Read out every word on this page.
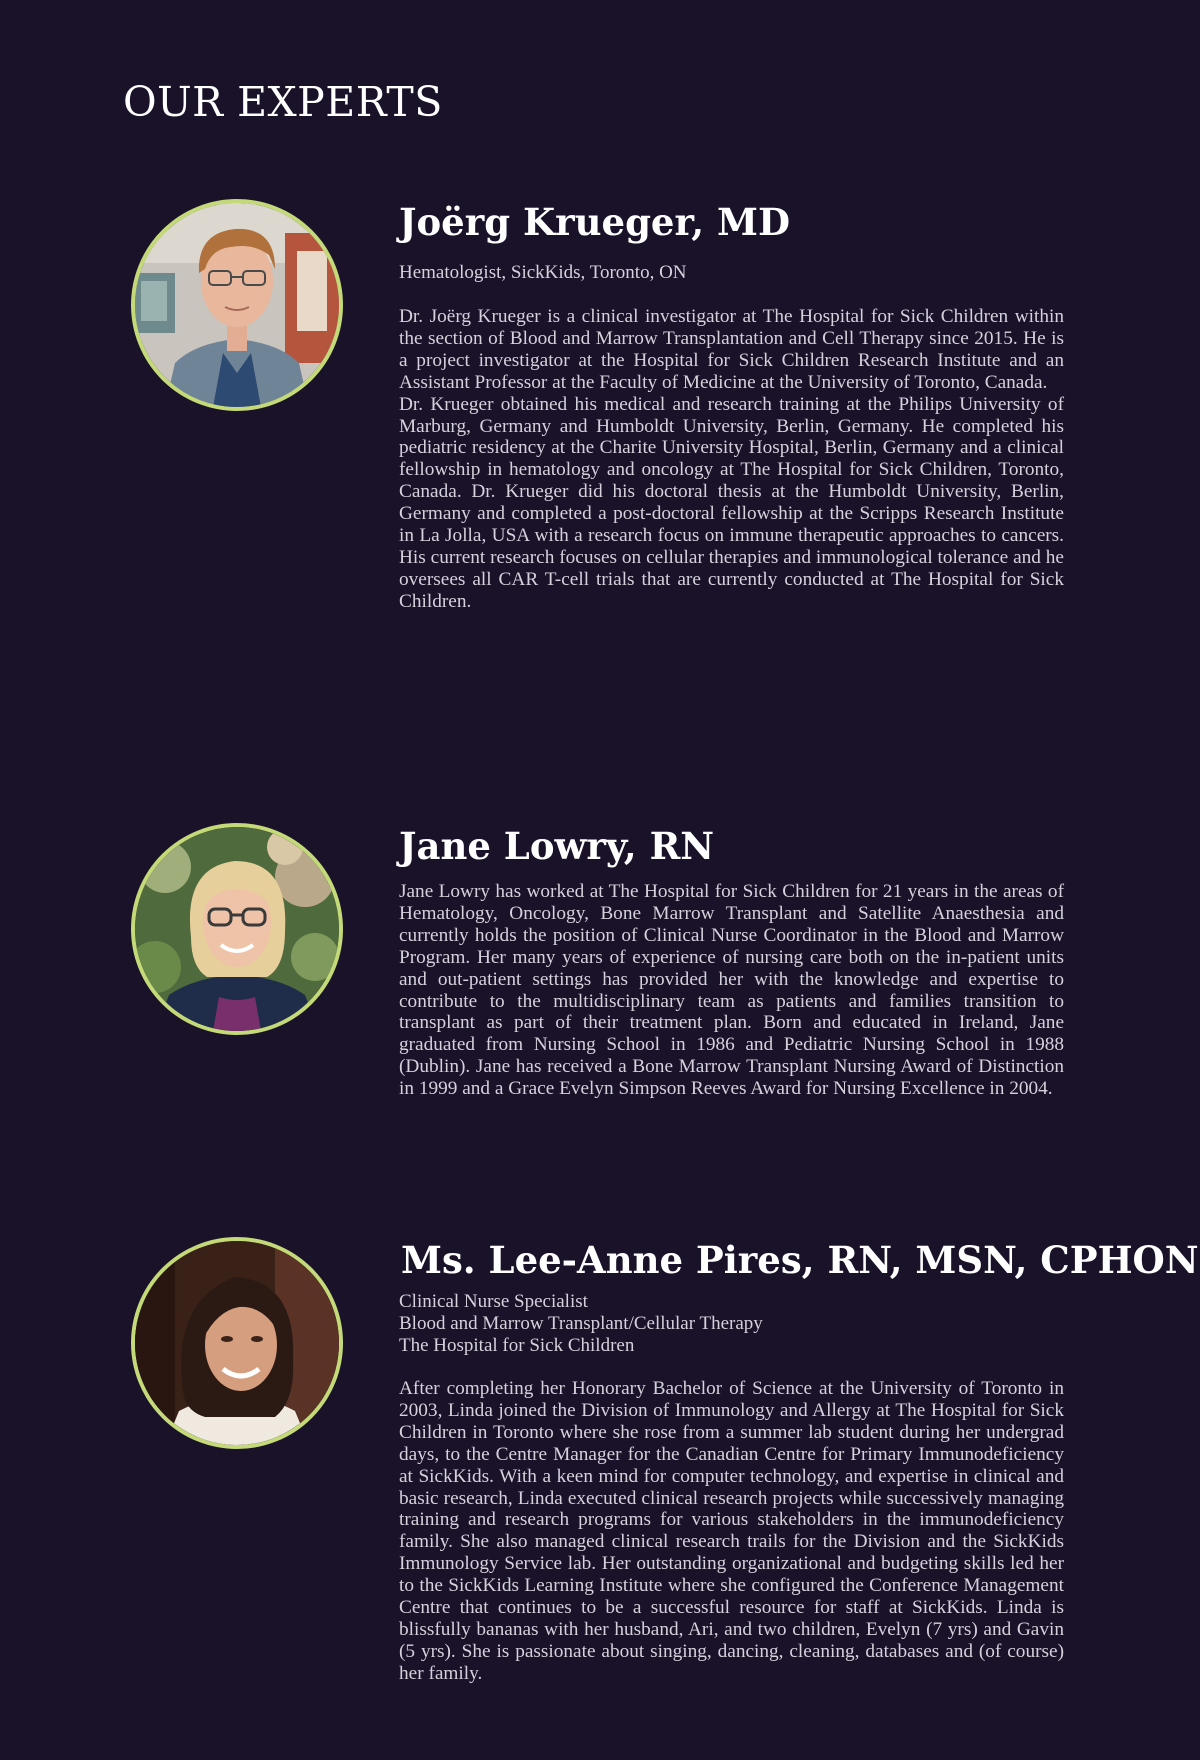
OUR EXPERTS
Joërg Krueger, MD

Hematologist, SickKids, Toronto, ON

Dr. Joërg Krueger is a clinical investigator at The Hospital for Sick Children within the section of Blood and Marrow Transplantation and Cell Therapy since 2015. He is a project investigator at the Hospital for Sick Children Research Institute and an Assistant Professor at the Faculty of Medicine at the University of Toronto, Canada.

Dr. Krueger obtained his medical and research training at the Philips University of Marburg, Germany and Humboldt University, Berlin, Germany. He completed his pediatric residency at the Charite University Hospital, Berlin, Germany and a clinical fellowship in hematology and oncology at The Hospital for Sick Children, Toronto, Canada. Dr. Krueger did his doctoral thesis at the Humboldt University, Berlin, Germany and completed a post-doctoral fellowship at the Scripps Research Institute in La Jolla, USA with a research focus on immune therapeutic approaches to cancers. His current research focuses on cellular therapies and immunological tolerance and he oversees all CAR T-cell trials that are currently conducted at The Hospital for Sick Children.

Jane Lowry, RN

Jane Lowry has worked at The Hospital for Sick Children for 21 years in the areas of Hematology, Oncology, Bone Marrow Transplant and Satellite Anaesthesia and currently holds the position of Clinical Nurse Coordinator in the Blood and Marrow Program. Her many years of experience of nursing care both on the in-patient units and out-patient settings has provided her with the knowledge and expertise to contribute to the multidisciplinary team as patients and families transition to transplant as part of their treatment plan. Born and educated in Ireland, Jane graduated from Nursing School in 1986 and Pediatric Nursing School in 1988 (Dublin). Jane has received a Bone Marrow Transplant Nursing Award of Distinction in 1999 and a Grace Evelyn Simpson Reeves Award for Nursing Excellence in 2004.

Ms. Lee-Anne Pires, RN, MSN, CPHON

Clinical Nurse Specialist
Blood and Marrow Transplant/Cellular Therapy
The Hospital for Sick Children

After completing her Honorary Bachelor of Science at the University of Toronto in 2003, Linda joined the Division of Immunology and Allergy at The Hospital for Sick Children in Toronto where she rose from a summer lab student during her undergrad days, to the Centre Manager for the Canadian Centre for Primary Immunodeficiency at SickKids. With a keen mind for computer technology, and expertise in clinical and basic research, Linda executed clinical research projects while successively managing training and research programs for various stakeholders in the immunodeficiency family. She also managed clinical research trails for the Division and the SickKids Immunology Service lab. Her outstanding organizational and budgeting skills led her to the SickKids Learning Institute where she configured the Conference Management Centre that continues to be a successful resource for staff at SickKids. Linda is blissfully bananas with her husband, Ari, and two children, Evelyn (7 yrs) and Gavin (5 yrs). She is passionate about singing, dancing, cleaning, databases and (of course) her family.
